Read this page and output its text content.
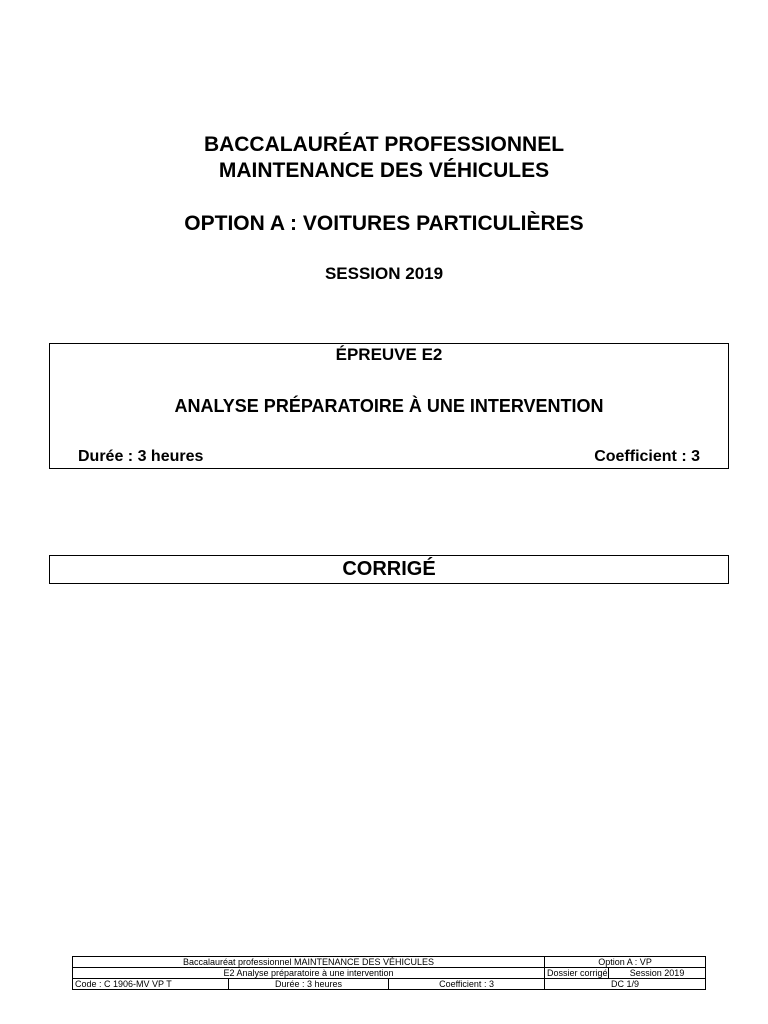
BACCALAURÉAT PROFESSIONNEL
MAINTENANCE DES VÉHICULES
OPTION A : VOITURES PARTICULIÈRES
SESSION 2019
ÉPREUVE E2
ANALYSE PRÉPARATOIRE À UNE INTERVENTION
Durée : 3 heures	Coefficient : 3
CORRIGÉ
Baccalauréat professionnel MAINTENANCE DES VÉHICULES			Option A : VP	
E2 Analyse préparatoire à une intervention			Dossier corrigé	Session 2019
Code : C 1906-MV VP T	Durée : 3 heures	Coefficient : 3	DC 1/9	
